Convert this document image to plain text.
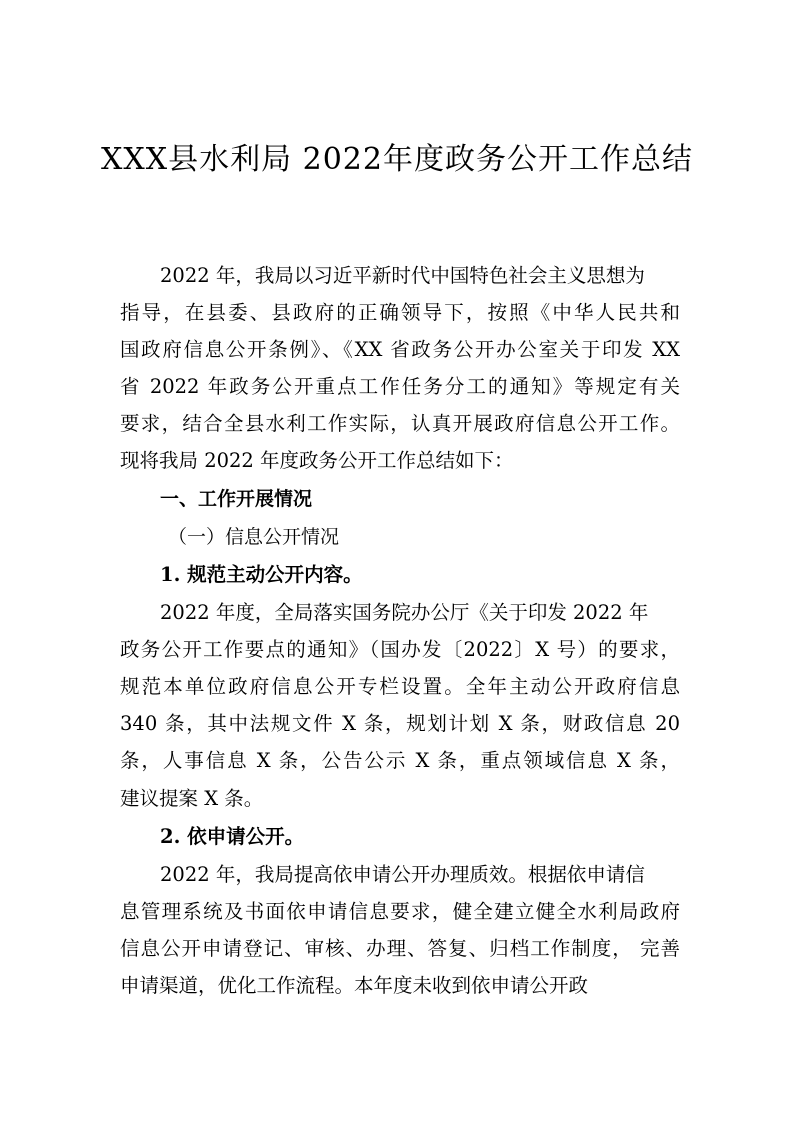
XXX县水利局 2022年度政务公开工作总结
2022 年，我局以习近平新时代中国特色社会主义思想为
指导，在县委、县政府的正确领导下，按照《中华人民共和
国政府信息公开条例》、《XX 省政务公开办公室关于印发 XX
省 2022 年政务公开重点工作任务分工的通知》等规定有关
要求，结合全县水利工作实际，认真开展政府信息公开工作。
现将我局 2022 年度政务公开工作总结如下：
一、工作开展情况
（一）信息公开情况
1. 规范主动公开内容。
2022 年度，全局落实国务院办公厅《关于印发 2022 年
政务公开工作要点的通知》（国办发〔2022〕X 号）的要求，
规范本单位政府信息公开专栏设置。全年主动公开政府信息
340 条，其中法规文件 X 条，规划计划 X 条，财政信息 20
条，人事信息 X 条，公告公示 X 条，重点领域信息 X 条，
建议提案 X 条。
2. 依申请公开。
2022 年，我局提高依申请公开办理质效。根据依申请信
息管理系统及书面依申请信息要求，健全建立健全水利局政府
信息公开申请登记、审核、办理、答复、归档工作制度， 完善
申请渠道，优化工作流程。本年度未收到依申请公开政
